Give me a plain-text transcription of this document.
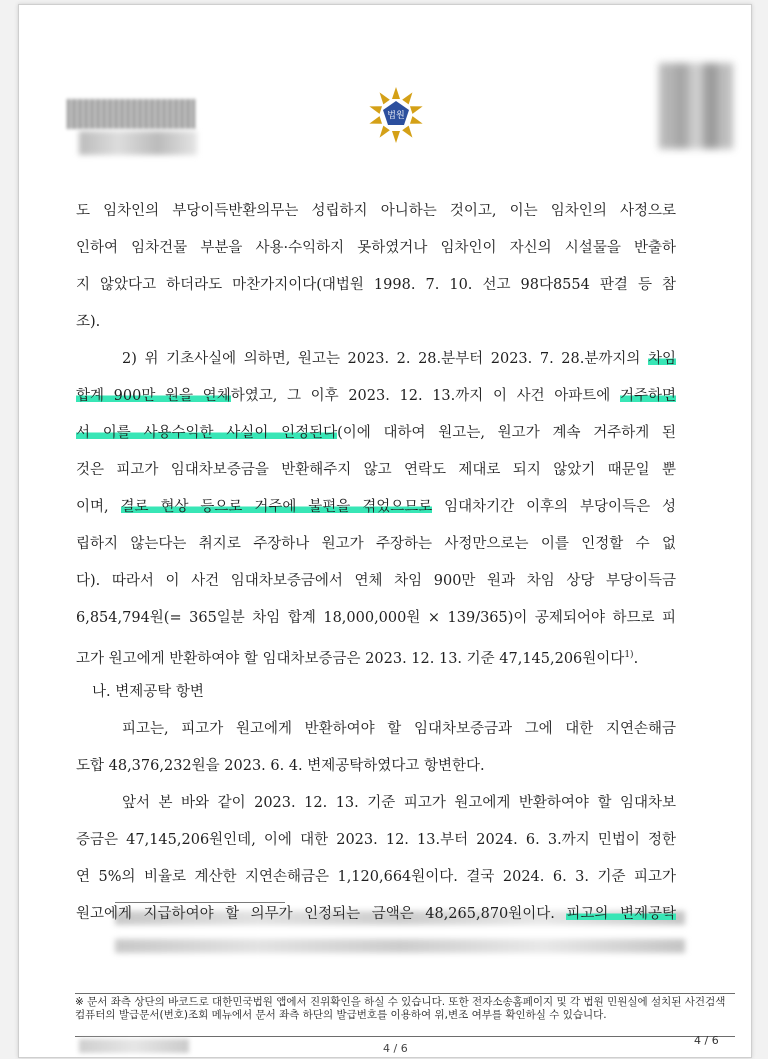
법원
※ 문서 좌측 상단의 바코드로 대한민국법원 앱에서 진위확인을 하실 수 있습니다. 또한 전자소송홈페이지 및 각 법원 민원실에 설치된 사건검색 컴퓨터의 발급문서(번호)조회 메뉴에서 문서 좌측 하단의 발급번호를 이용하여 위,변조 여부를 확인하실 수 있습니다.
4 / 6
4 / 6
도 임차인의 부당이득반환의무는 성립하지 아니하는 것이고, 이는 임차인의 사정으로
인하여 임차건물 부분을 사용·수익하지 못하였거나 임차인이 자신의 시설물을 반출하
지 않았다고 하더라도 마찬가지이다(대법원 1998. 7. 10. 선고 98다8554 판결 등 참
조).
2) 위 기초사실에 의하면, 원고는 2023. 2. 28.분부터 2023. 7. 28.분까지의 차임
합계 900만 원을 연체하였고, 그 이후 2023. 12. 13.까지 이 사건 아파트에 거주하면
서 이를 사용수익한 사실이 인정된다(이에 대하여 원고는, 원고가 계속 거주하게 된
것은 피고가 임대차보증금을 반환해주지 않고 연락도 제대로 되지 않았기 때문일 뿐
이며, 결로 현상 등으로 거주에 불편을 겪었으므로 임대차기간 이후의 부당이득은 성
립하지 않는다는 취지로 주장하나 원고가 주장하는 사정만으로는 이를 인정할 수 없
다). 따라서 이 사건 임대차보증금에서 연체 차임 900만 원과 차임 상당 부당이득금
6,854,794원(= 365일분 차임 합계 18,000,000원 × 139/365)이 공제되어야 하므로 피
고가 원고에게 반환하여야 할 임대차보증금은 2023. 12. 13. 기준 47,145,206원이다$^{1)}$.
나. 변제공탁 항변
피고는, 피고가 원고에게 반환하여야 할 임대차보증금과 그에 대한 지연손해금
도합 48,376,232원을 2023. 6. 4. 변제공탁하였다고 항변한다.
앞서 본 바와 같이 2023. 12. 13. 기준 피고가 원고에게 반환하여야 할 임대차보
증금은 47,145,206원인데, 이에 대한 2023. 12. 13.부터 2024. 6. 3.까지 민법이 정한
연 5%의 비율로 계산한 지연손해금은 1,120,664원이다. 결국 2024. 6. 3. 기준 피고가
원고에게 지급하여야 할 의무가 인정되는 금액은 48,265,870원이다. 피고의 변제공탁
